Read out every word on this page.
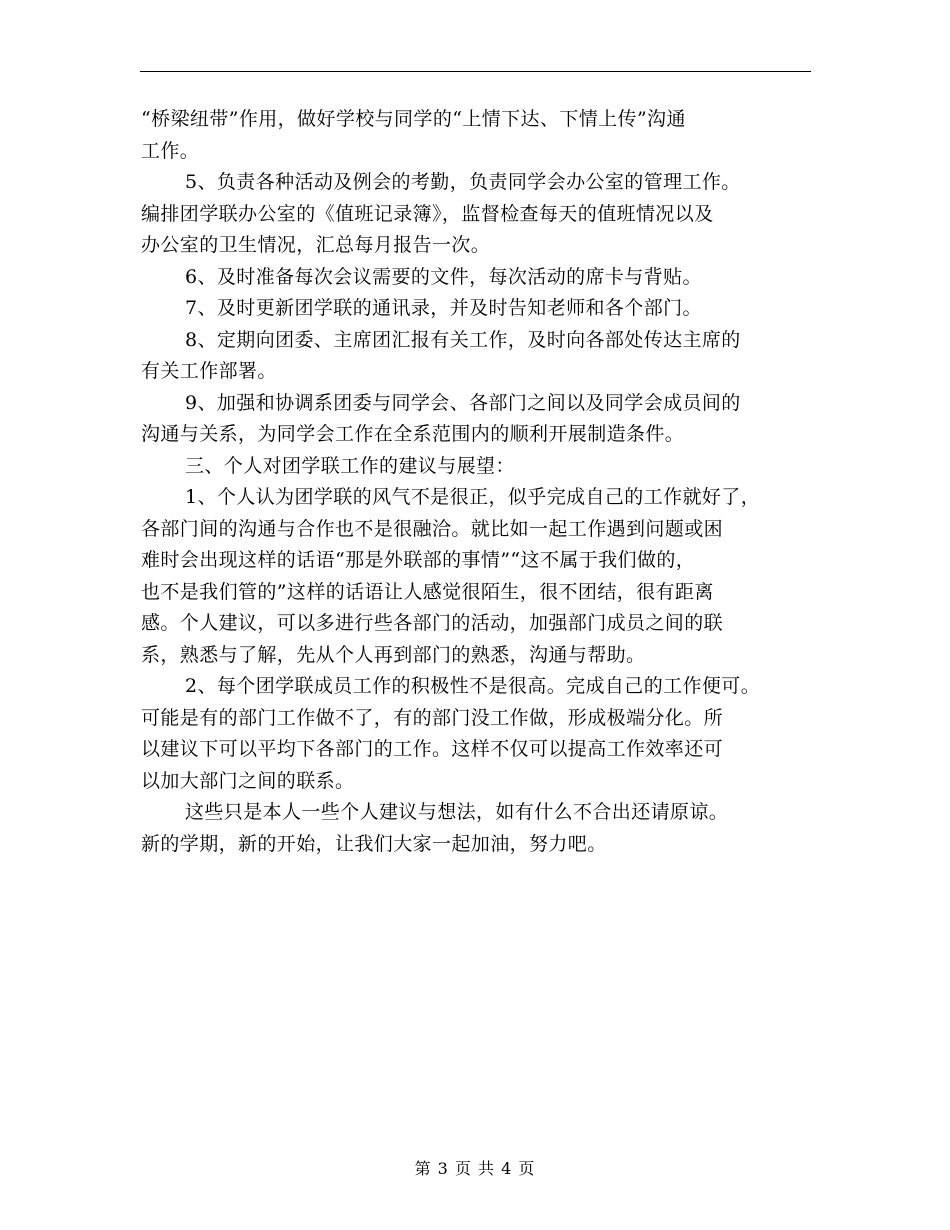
“桥梁纽带”作用，做好学校与同学的“上情下达、下情上传”沟通
工作。
5、负责各种活动及例会的考勤，负责同学会办公室的管理工作。
编排团学联办公室的《值班记录簿》，监督检查每天的值班情况以及
办公室的卫生情况，汇总每月报告一次。
6、及时准备每次会议需要的文件，每次活动的席卡与背贴。
7、及时更新团学联的通讯录，并及时告知老师和各个部门。
8、定期向团委、主席团汇报有关工作，及时向各部处传达主席的
有关工作部署。
9、加强和协调系团委与同学会、各部门之间以及同学会成员间的
沟通与关系，为同学会工作在全系范围内的顺利开展制造条件。
三、个人对团学联工作的建议与展望：
1、个人认为团学联的风气不是很正，似乎完成自己的工作就好了，
各部门间的沟通与合作也不是很融洽。就比如一起工作遇到问题或困
难时会出现这样的话语“那是外联部的事情”“这不属于我们做的，
也不是我们管的”这样的话语让人感觉很陌生，很不团结，很有距离
感。个人建议，可以多进行些各部门的活动，加强部门成员之间的联
系，熟悉与了解，先从个人再到部门的熟悉，沟通与帮助。
2、每个团学联成员工作的积极性不是很高。完成自己的工作便可。
可能是有的部门工作做不了，有的部门没工作做，形成极端分化。所
以建议下可以平均下各部门的工作。这样不仅可以提高工作效率还可
以加大部门之间的联系。
这些只是本人一些个人建议与想法，如有什么不合出还请原谅。
新的学期，新的开始，让我们大家一起加油，努力吧。
第 3 页 共 4 页
